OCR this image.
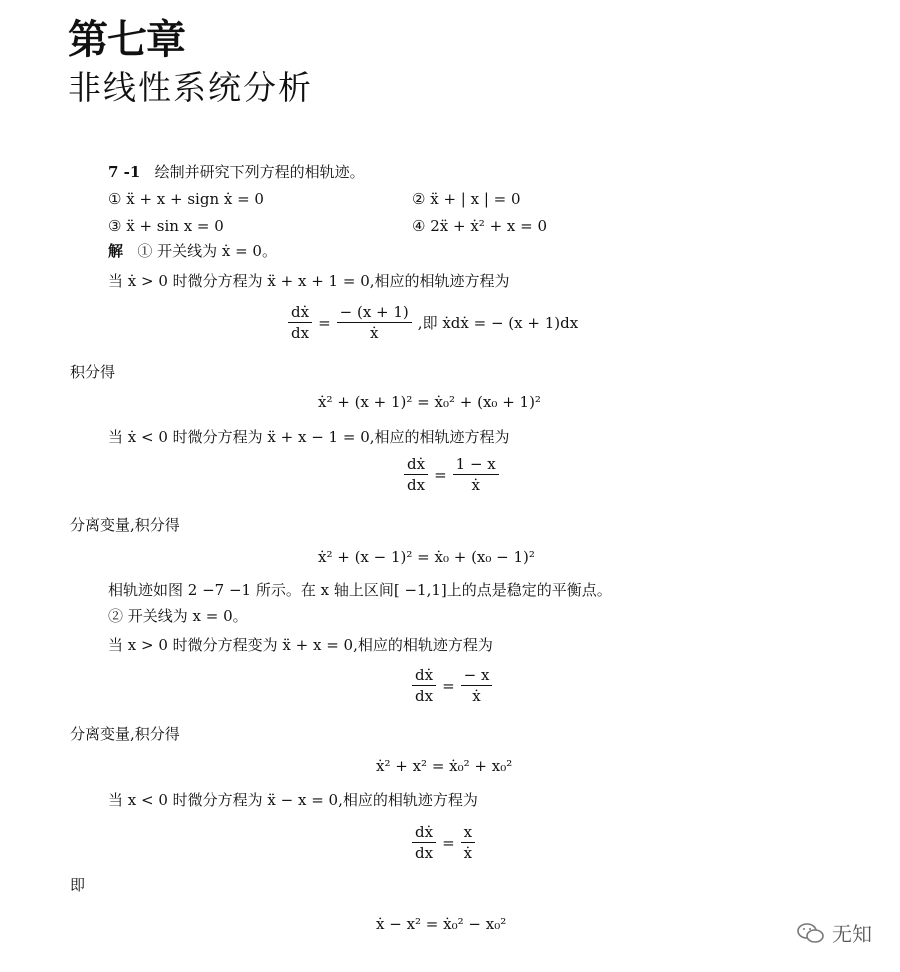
第七章
非线性系统分析
7 -1 绘制并研究下列方程的相轨迹。
① ẍ + x + sign ẋ = 0	② ẍ + | x | = 0
③ ẍ + sin x = 0	④ 2ẍ + ẋ² + x = 0
解 ① 开关线为 ẋ = 0。
当 ẋ > 0 时微分方程为 ẍ + x + 1 = 0,相应的相轨迹方程为
dẋ
dx
=
− (x + 1)
ẋ
,即 ẋdẋ = − (x + 1)dx
积分得
ẋ² + (x + 1)² = ẋ₀² + (x₀ + 1)²
当 ẋ < 0 时微分方程为 ẍ + x − 1 = 0,相应的相轨迹方程为
dẋ
dx
=
1 − x
ẋ
分离变量,积分得
ẋ² + (x − 1)² = ẋ₀ + (x₀ − 1)²
相轨迹如图 2 −7 −1 所示。在 x 轴上区间[ −1,1]上的点是稳定的平衡点。
② 开关线为 x = 0。
当 x > 0 时微分方程变为 ẍ + x = 0,相应的相轨迹方程为
dẋ
dx
=
− x
ẋ
分离变量,积分得
ẋ² + x² = ẋ₀² + x₀²
当 x < 0 时微分方程为 ẍ − x = 0,相应的相轨迹方程为
dẋ
dx
=
x
ẋ
即
ẋ − x² = ẋ₀² − x₀²	无知
